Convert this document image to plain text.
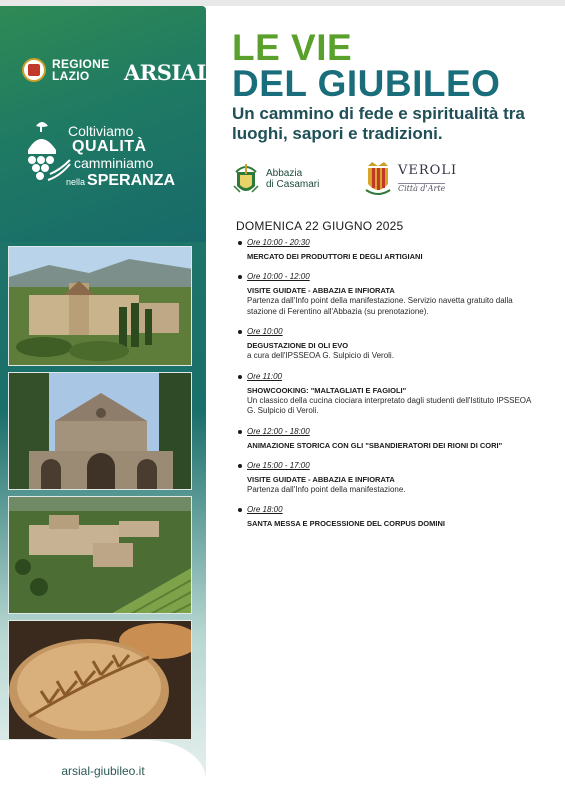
REGIONE
LAZIO	ARSIAL
Coltiviamo
QUALITÀ
camminiamo
nella SPERANZA
arsial-giubileo.it
LE VIE
DEL GIUBILEO
Un cammino di fede e spiritualità tra luoghi, sapori e tradizioni.
Abbazia
di Casamari
VEROLI
Città d'Arte
DOMENICA 22 GIUGNO 2025
Ore 10:00 - 20:30
MERCATO DEI PRODUTTORI E DEGLI ARTIGIANI
Ore 10:00 - 12:00
VISITE GUIDATE - ABBAZIA E INFIORATA
Partenza dall'Info point della manifestazione. Servizio navetta gratuito dalla stazione di Ferentino all'Abbazia (su prenotazione).
Ore 10:00
DEGUSTAZIONE DI OLI EVO
a cura dell'IPSSEOA G. Sulpicio di Veroli.
Ore 11:00
SHOWCOOKING: "MALTAGLIATI E FAGIOLI"
Un classico della cucina ciociara interpretato dagli studenti dell'Istituto IPSSEOA G. Sulpicio di Veroli.
Ore 12:00 - 18:00
ANIMAZIONE STORICA CON GLI "SBANDIERATORI DEI RIONI DI CORI"
Ore 15:00 - 17:00
VISITE GUIDATE - ABBAZIA E INFIORATA
Partenza dall'Info point della manifestazione.
Ore 18:00
SANTA MESSA E PROCESSIONE DEL CORPUS DOMINI
